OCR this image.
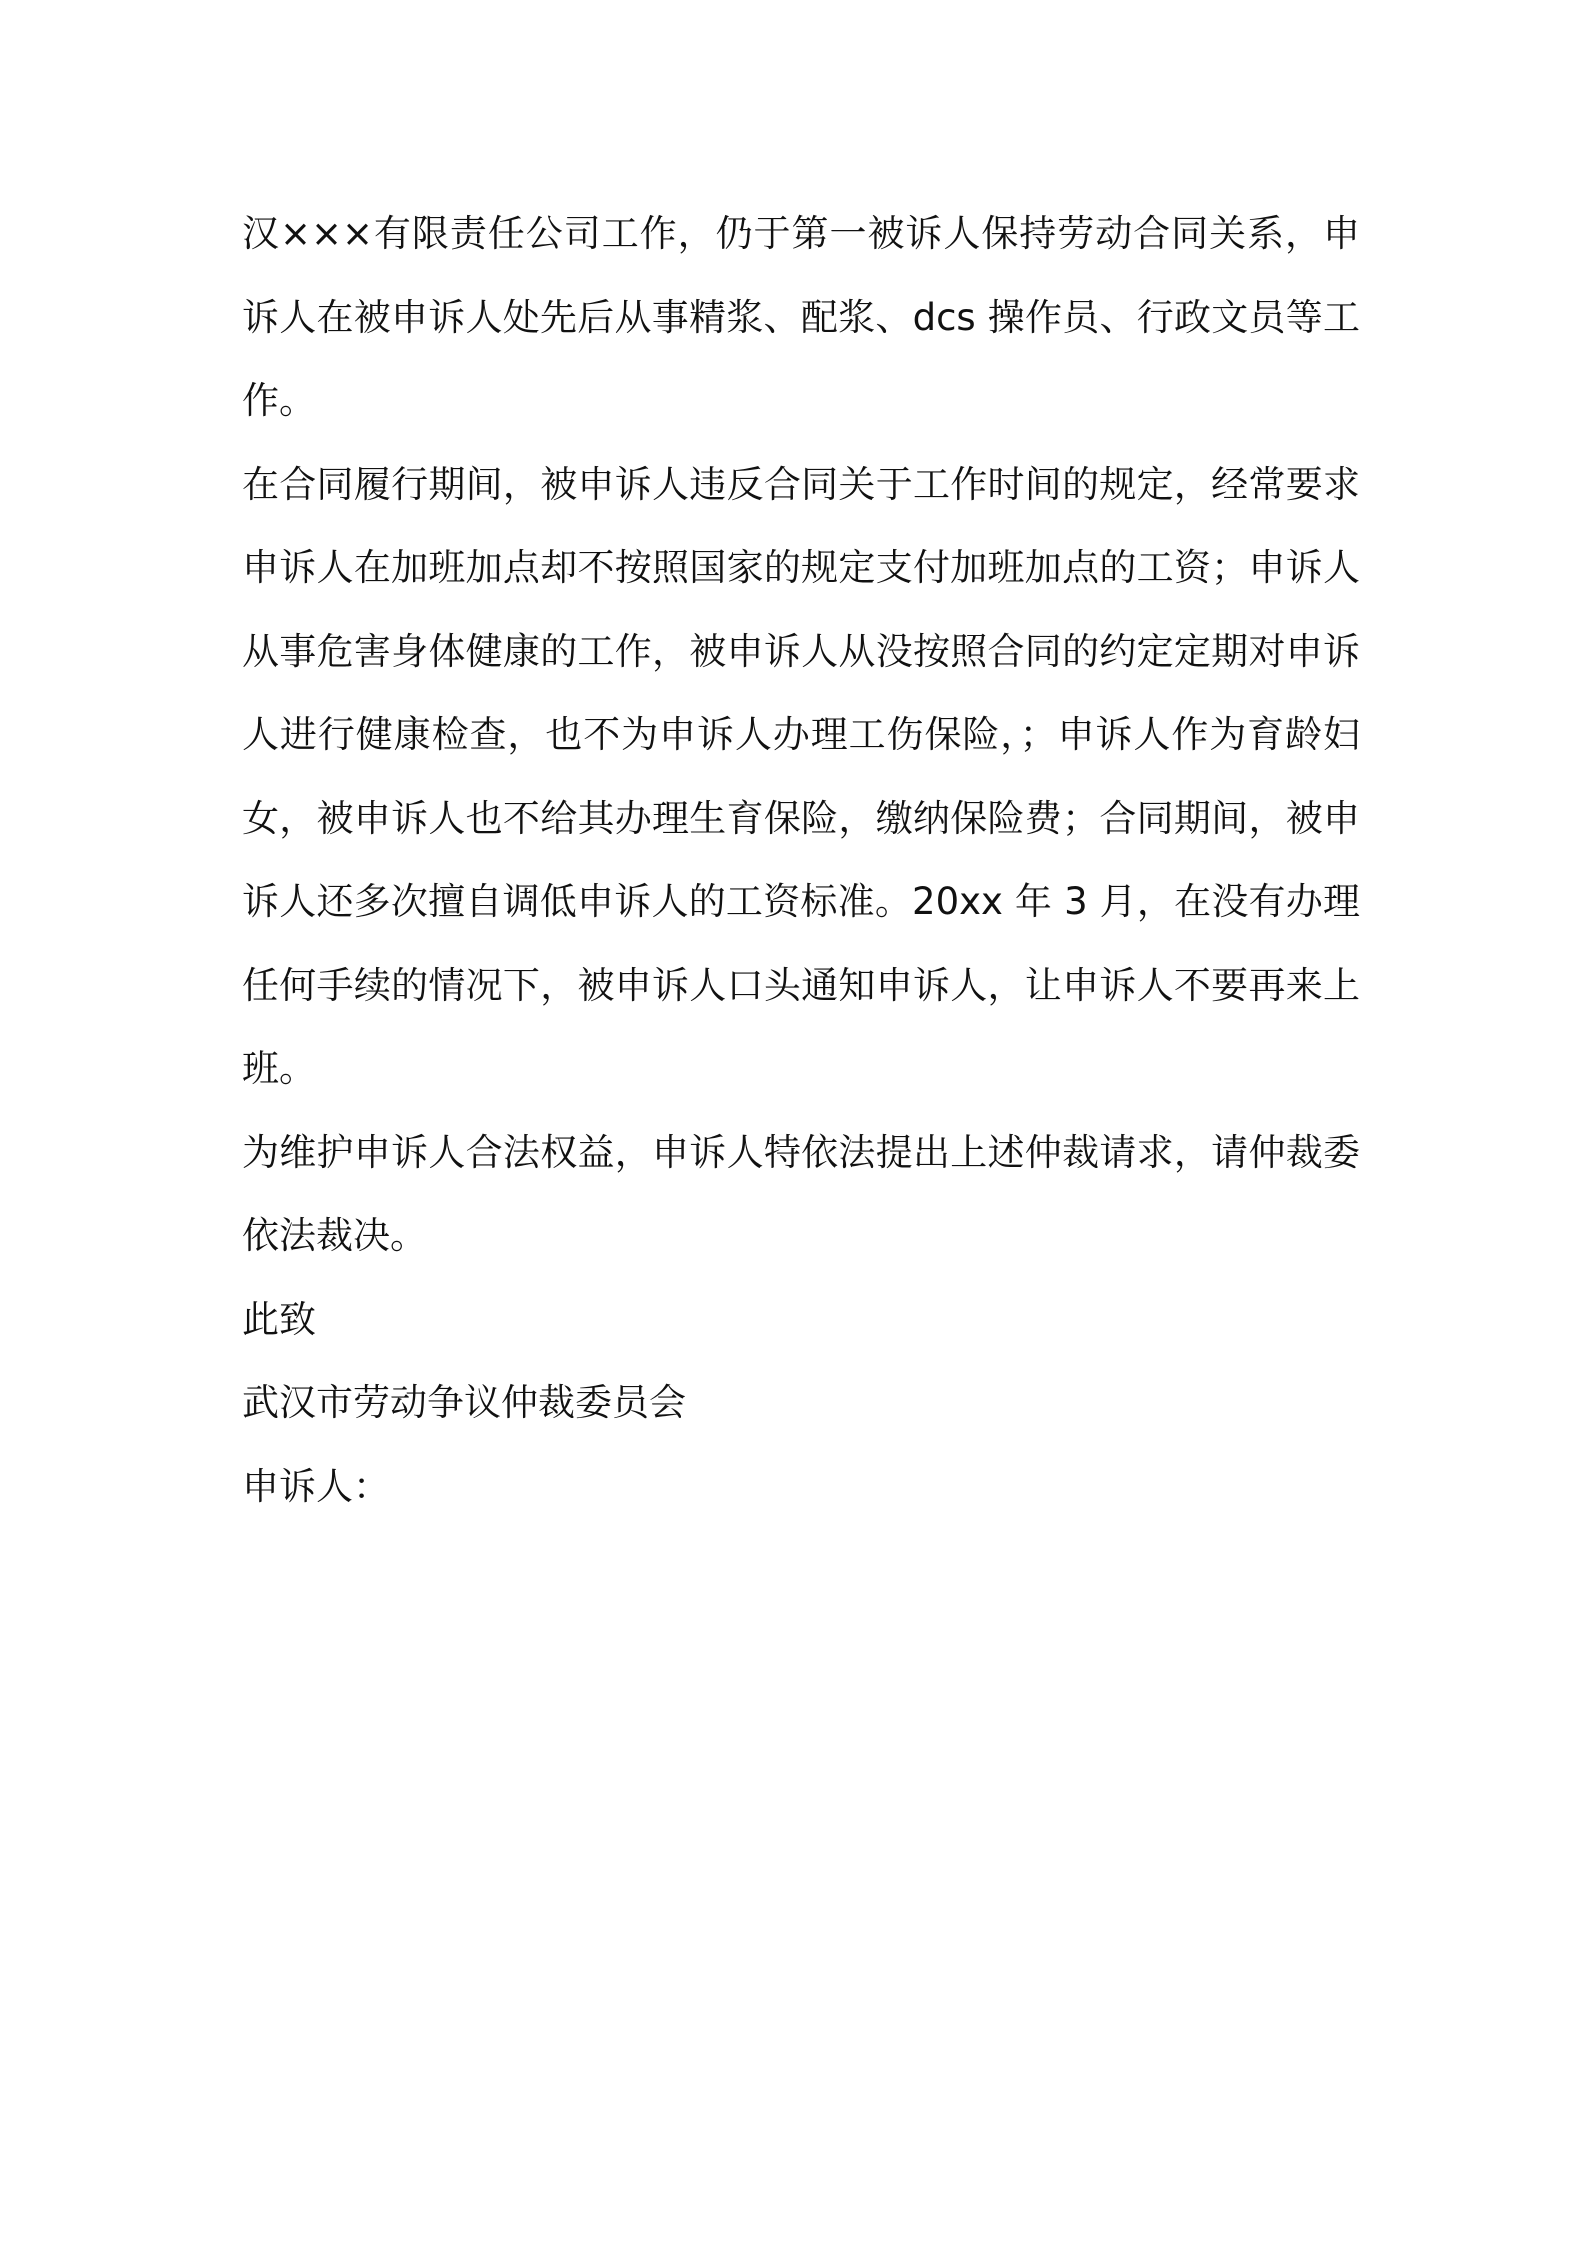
汉×××有限责任公司工作，仍于第一被诉人保持劳动合同关系，申诉人在被申诉人处先后从事精浆、配浆、dcs 操作员、行政文员等工作。

在合同履行期间，被申诉人违反合同关于工作时间的规定，经常要求申诉人在加班加点却不按照国家的规定支付加班加点的工资；申诉人从事危害身体健康的工作，被申诉人从没按照合同的约定定期对申诉人进行健康检查，也不为申诉人办理工伤保险，；申诉人作为育龄妇女，被申诉人也不给其办理生育保险，缴纳保险费；合同期间，被申诉人还多次擅自调低申诉人的工资标准。20xx 年 3 月，在没有办理任何手续的情况下，被申诉人口头通知申诉人，让申诉人不要再来上班。

为维护申诉人合法权益，申诉人特依法提出上述仲裁请求，请仲裁委依法裁决。

此致

武汉市劳动争议仲裁委员会

申诉人：
